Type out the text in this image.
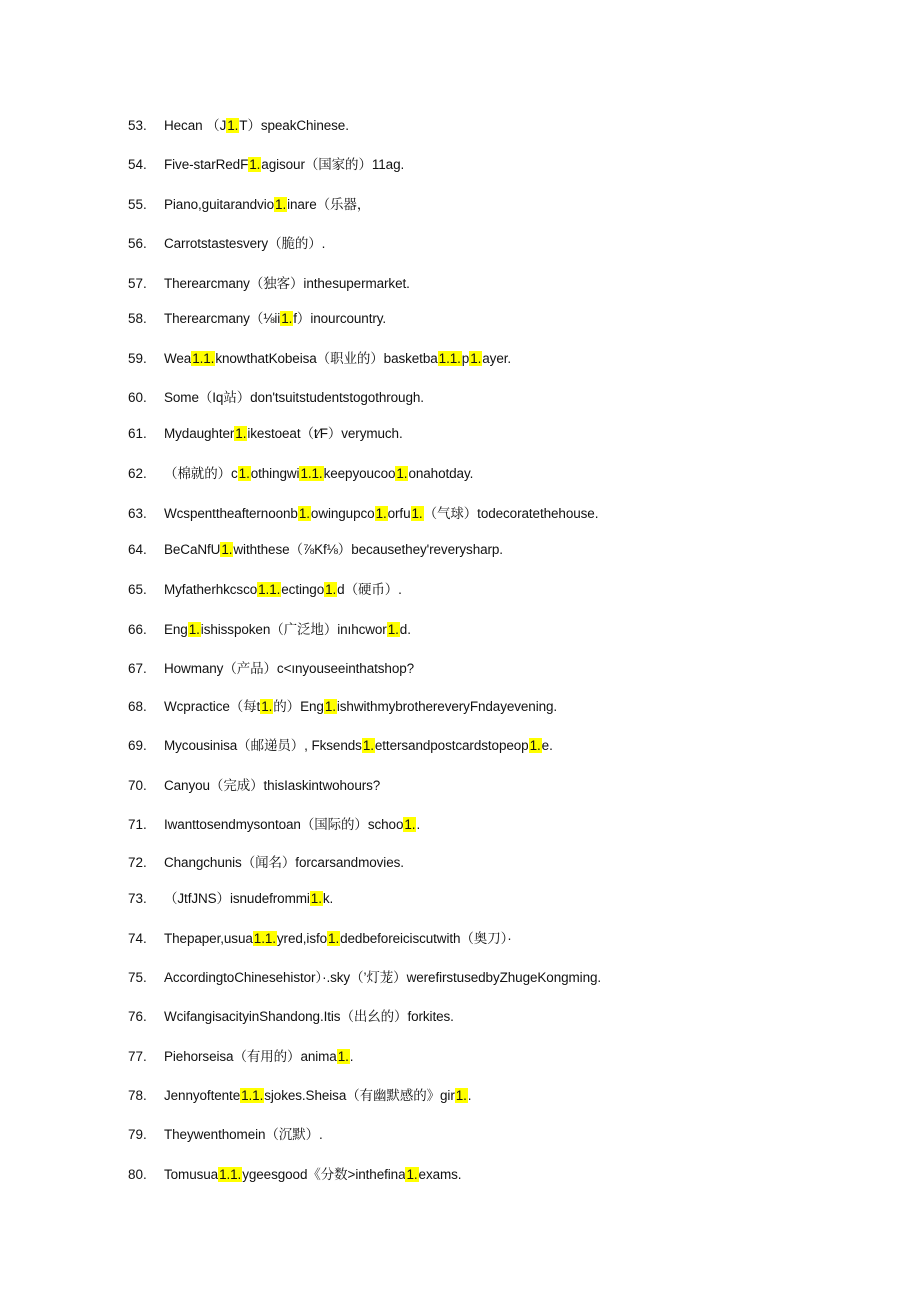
53.	Hecan （J1.T）speakChinese.
54.	Five-starRedF1.agisour（国家的）11ag.
55.	Piano,guitarandvio1.inare（乐器，
56.	Carrotstastesvery（脆的）.
57.	Therearcmany（独客）inthesupermarket.
58.	Therearcmany（⅛ii1.f）inourcountry.
59.	Wea1.1.knowthatKobeisa（职业的）basketba1.1.p1.ayer.
60.	Some（Iq站）don'tsuitstudentstogothrough.
61.	Mydaughter1.ikestoeat（t⁄F）verymuch.
62.	（棉就的）c1.othingwi1.1.keepyoucoo1.onahotday.
63.	Wcspenttheafternoonb1.owingupco1.orfu1.（气球）todecoratethehouse.
64.	BeCaNfU1.withthese（⅞Kf⅛）becausethey'reverysharp.
65.	Myfatherhkcsco1.1.ectingo1.d（硬币）.
66.	Eng1.ishisspoken（广泛地）inıhcwor1.d.
67.	Howmany（产品）c<ınyouseeinthatshop?
68.	Wcpractice（每t1.的）Eng1.ishwithmybrothereveryFndayevening.
69.	Mycousinisa（邮递员）, Fksends1.ettersandpostcardstopeop1.e.
70.	Canyou（完成）thisIaskintwohours?
71.	Iwanttosendmysontoan（国际的）schoo1..
72.	Changchunis（闻名）forcarsandmovies.
73.	（JtfJNS）isnudefrommi1.k.
74.	Thepaper,usua1.1.yred,isfo1.dedbeforeiciscutwith（奥刀）·
75.	AccordingtoChinesehistor）·.sky（’灯茏）werefirstusedbyZhugeKongming.
76.	WcifangisacityinShandong.Itis（出幺的）forkites.
77.	Piehorseisa（有用的）anima1..
78.	Jennyoftente1.1.sjokes.Sheisa（有幽默感的》gir1..
79.	Theywenthomein（沉默）.
80.	Tomusua1.1.ygeesgood《分数>inthefina1.exams.
